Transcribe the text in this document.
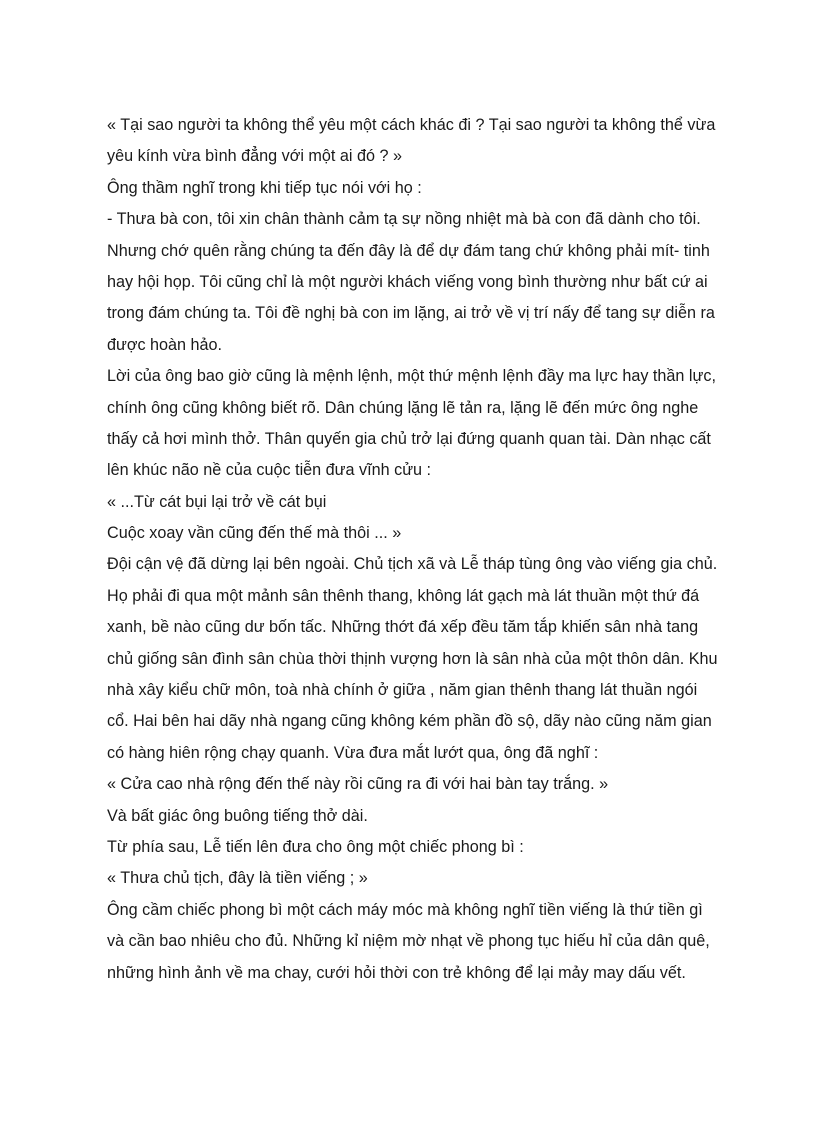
« Tại sao người ta không thể yêu một cách khác đi ? Tại sao người ta không thể vừa
yêu kính vừa bình đẳng với một ai đó ? »
Ông thầm nghĩ trong khi tiếp tục nói với họ :
- Thưa bà con, tôi xin chân thành cảm tạ sự nồng nhiệt mà bà con đã dành cho tôi.
Nhưng chớ quên rằng chúng ta đến đây là để dự đám tang chứ không phải mít- tinh
hay hội họp. Tôi cũng chỉ là một người khách viếng vong bình thường như bất cứ ai
trong đám chúng ta. Tôi đề nghị bà con im lặng, ai trở về vị trí nấy để tang sự diễn ra
được hoàn hảo.
Lời của ông bao giờ cũng là mệnh lệnh, một thứ mệnh lệnh đầy ma lực hay thần lực,
chính ông cũng không biết rõ. Dân chúng lặng lẽ tản ra, lặng lẽ đến mức ông nghe
thấy cả hơi mình thở. Thân quyến gia chủ trở lại đứng quanh quan tài. Dàn nhạc cất
lên khúc não nề của cuộc tiễn đưa vĩnh cửu :
« ...Từ cát bụi lại trở về cát bụi
Cuộc xoay vần cũng đến thế mà thôi ... »
Đội cận vệ đã dừng lại bên ngoài. Chủ tịch xã và Lễ tháp tùng ông vào viếng gia chủ.
Họ phải đi qua một mảnh sân thênh thang, không lát gạch mà lát thuần một thứ đá
xanh, bề nào cũng dư bốn tấc. Những thớt đá xếp đều tăm tắp khiến sân nhà tang
chủ giống sân đình sân chùa thời thịnh vượng hơn là sân nhà của một thôn dân. Khu
nhà xây kiểu chữ môn, toà nhà chính ở giữa , năm gian thênh thang lát thuần ngói
cổ. Hai bên hai dãy nhà ngang cũng không kém phần đồ sộ, dãy nào cũng năm gian
có hàng hiên rộng chạy quanh. Vừa đưa mắt lướt qua, ông đã nghĩ :
« Cửa cao nhà rộng đến thế này rồi cũng ra đi với hai bàn tay trắng. »
Và bất giác ông buông tiếng thở dài.
Từ phía sau, Lễ tiến lên đưa cho ông một chiếc phong bì :
« Thưa chủ tịch, đây là tiền viếng ; »
Ông cầm chiếc phong bì một cách máy móc mà không nghĩ tiền viếng là thứ tiền gì
và cần bao nhiêu cho đủ. Những kỉ niệm mờ nhạt về phong tục hiếu hỉ của dân quê,
những hình ảnh về ma chay, cưới hỏi thời con trẻ không để lại mảy may dấu vết.
